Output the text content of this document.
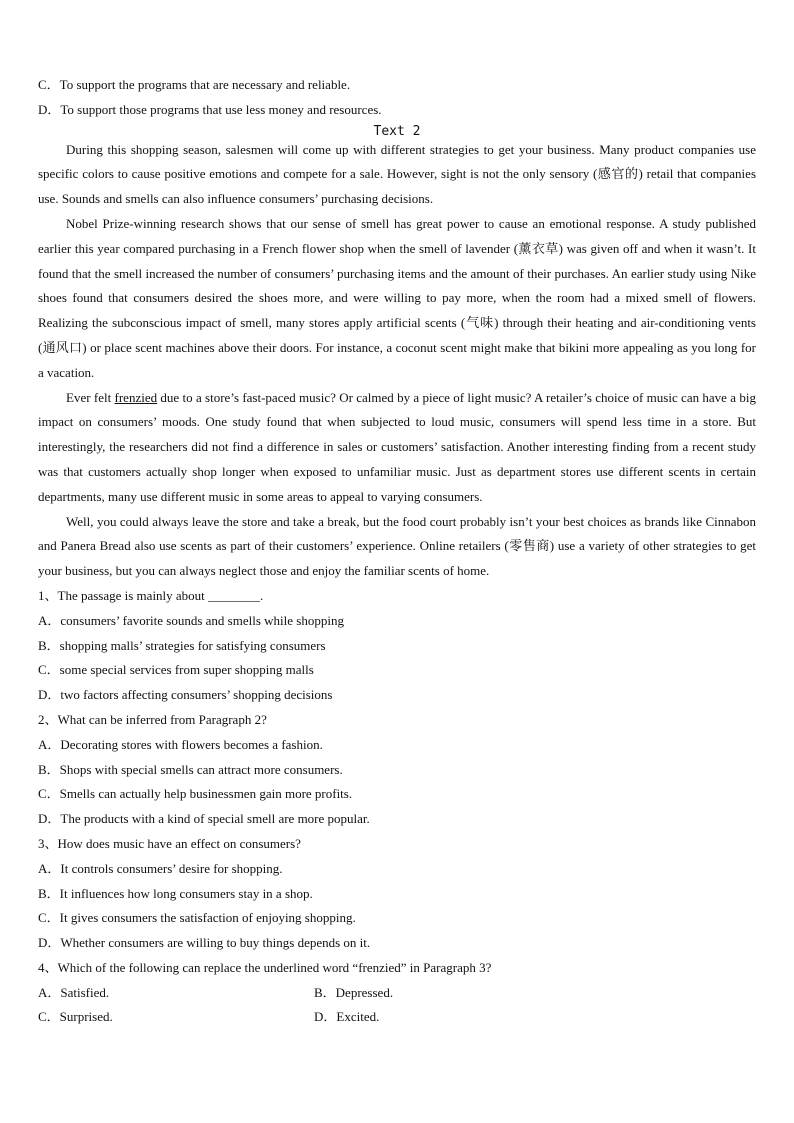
C．To support the programs that are necessary and reliable.
D．To support those programs that use less money and resources.
Text 2

During this shopping season, salesmen will come up with different strategies to get your business. Many product companies use specific colors to cause positive emotions and compete for a sale. However, sight is not the only sensory (感官的) retail that companies use. Sounds and smells can also influence consumers’ purchasing decisions.

Nobel Prize-winning research shows that our sense of smell has great power to cause an emotional response. A study published earlier this year compared purchasing in a French flower shop when the smell of lavender (薰衣草) was given off and when it wasn’t. It found that the smell increased the number of consumers’ purchasing items and the amount of their purchases. An earlier study using Nike shoes found that consumers desired the shoes more, and were willing to pay more, when the room had a mixed smell of flowers. Realizing the subconscious impact of smell, many stores apply artificial scents (气味) through their heating and air-conditioning vents (通风口) or place scent machines above their doors. For instance, a coconut scent might make that bikini more appealing as you long for a vacation.

Ever felt frenzied due to a store’s fast-paced music? Or calmed by a piece of light music? A retailer’s choice of music can have a big impact on consumers’ moods. One study found that when subjected to loud music, consumers will spend less time in a store. But interestingly, the researchers did not find a difference in sales or customers’ satisfaction. Another interesting finding from a recent study was that customers actually shop longer when exposed to unfamiliar music. Just as department stores use different scents in certain departments, many use different music in some areas to appeal to varying consumers.

Well, you could always leave the store and take a break, but the food court probably isn’t your best choices as brands like Cinnabon and Panera Bread also use scents as part of their customers’ experience. Online retailers (零售商) use a variety of other strategies to get your business, but you can always neglect those and enjoy the familiar scents of home.

1、The passage is mainly about ________.
A．consumers’ favorite sounds and smells while shopping
B．shopping malls’ strategies for satisfying consumers
C．some special services from super shopping malls
D．two factors affecting consumers’ shopping decisions
2、What can be inferred from Paragraph 2?
A．Decorating stores with flowers becomes a fashion.
B．Shops with special smells can attract more consumers.
C．Smells can actually help businessmen gain more profits.
D．The products with a kind of special smell are more popular.
3、How does music have an effect on consumers?
A．It controls consumers’ desire for shopping.
B．It influences how long consumers stay in a shop.
C．It gives consumers the satisfaction of enjoying shopping.
D．Whether consumers are willing to buy things depends on it.
4、Which of the following can replace the underlined word “frenzied” in Paragraph 3?
A．Satisfied.	B．Depressed.
C．Surprised.	D．Excited.
